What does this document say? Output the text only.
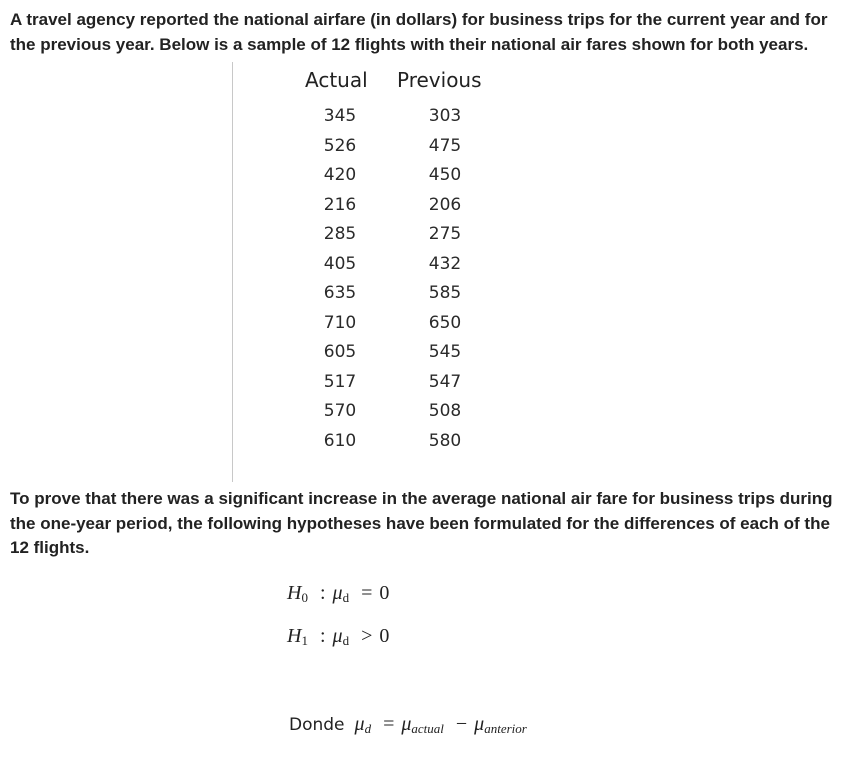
A travel agency reported the national airfare (in dollars) for business trips for the current year and for the previous year. Below is a sample of 12 flights with their national air fares shown for both years.
Actual Previous
345	303
526	475
420	450
216	206
285	275
405	432
635	585
710	650
605	545
517	547
570	508
610	580
To prove that there was a significant increase in the average national air fare for business trips during the one-year period, the following hypotheses have been formulated for the differences of each of the 12 flights.
$H_0$ : $\mu_d = 0$
$H_1$ : $\mu_d > 0$
Donde $\mu_d = \mu_{actual} - \mu_{anterior}$
